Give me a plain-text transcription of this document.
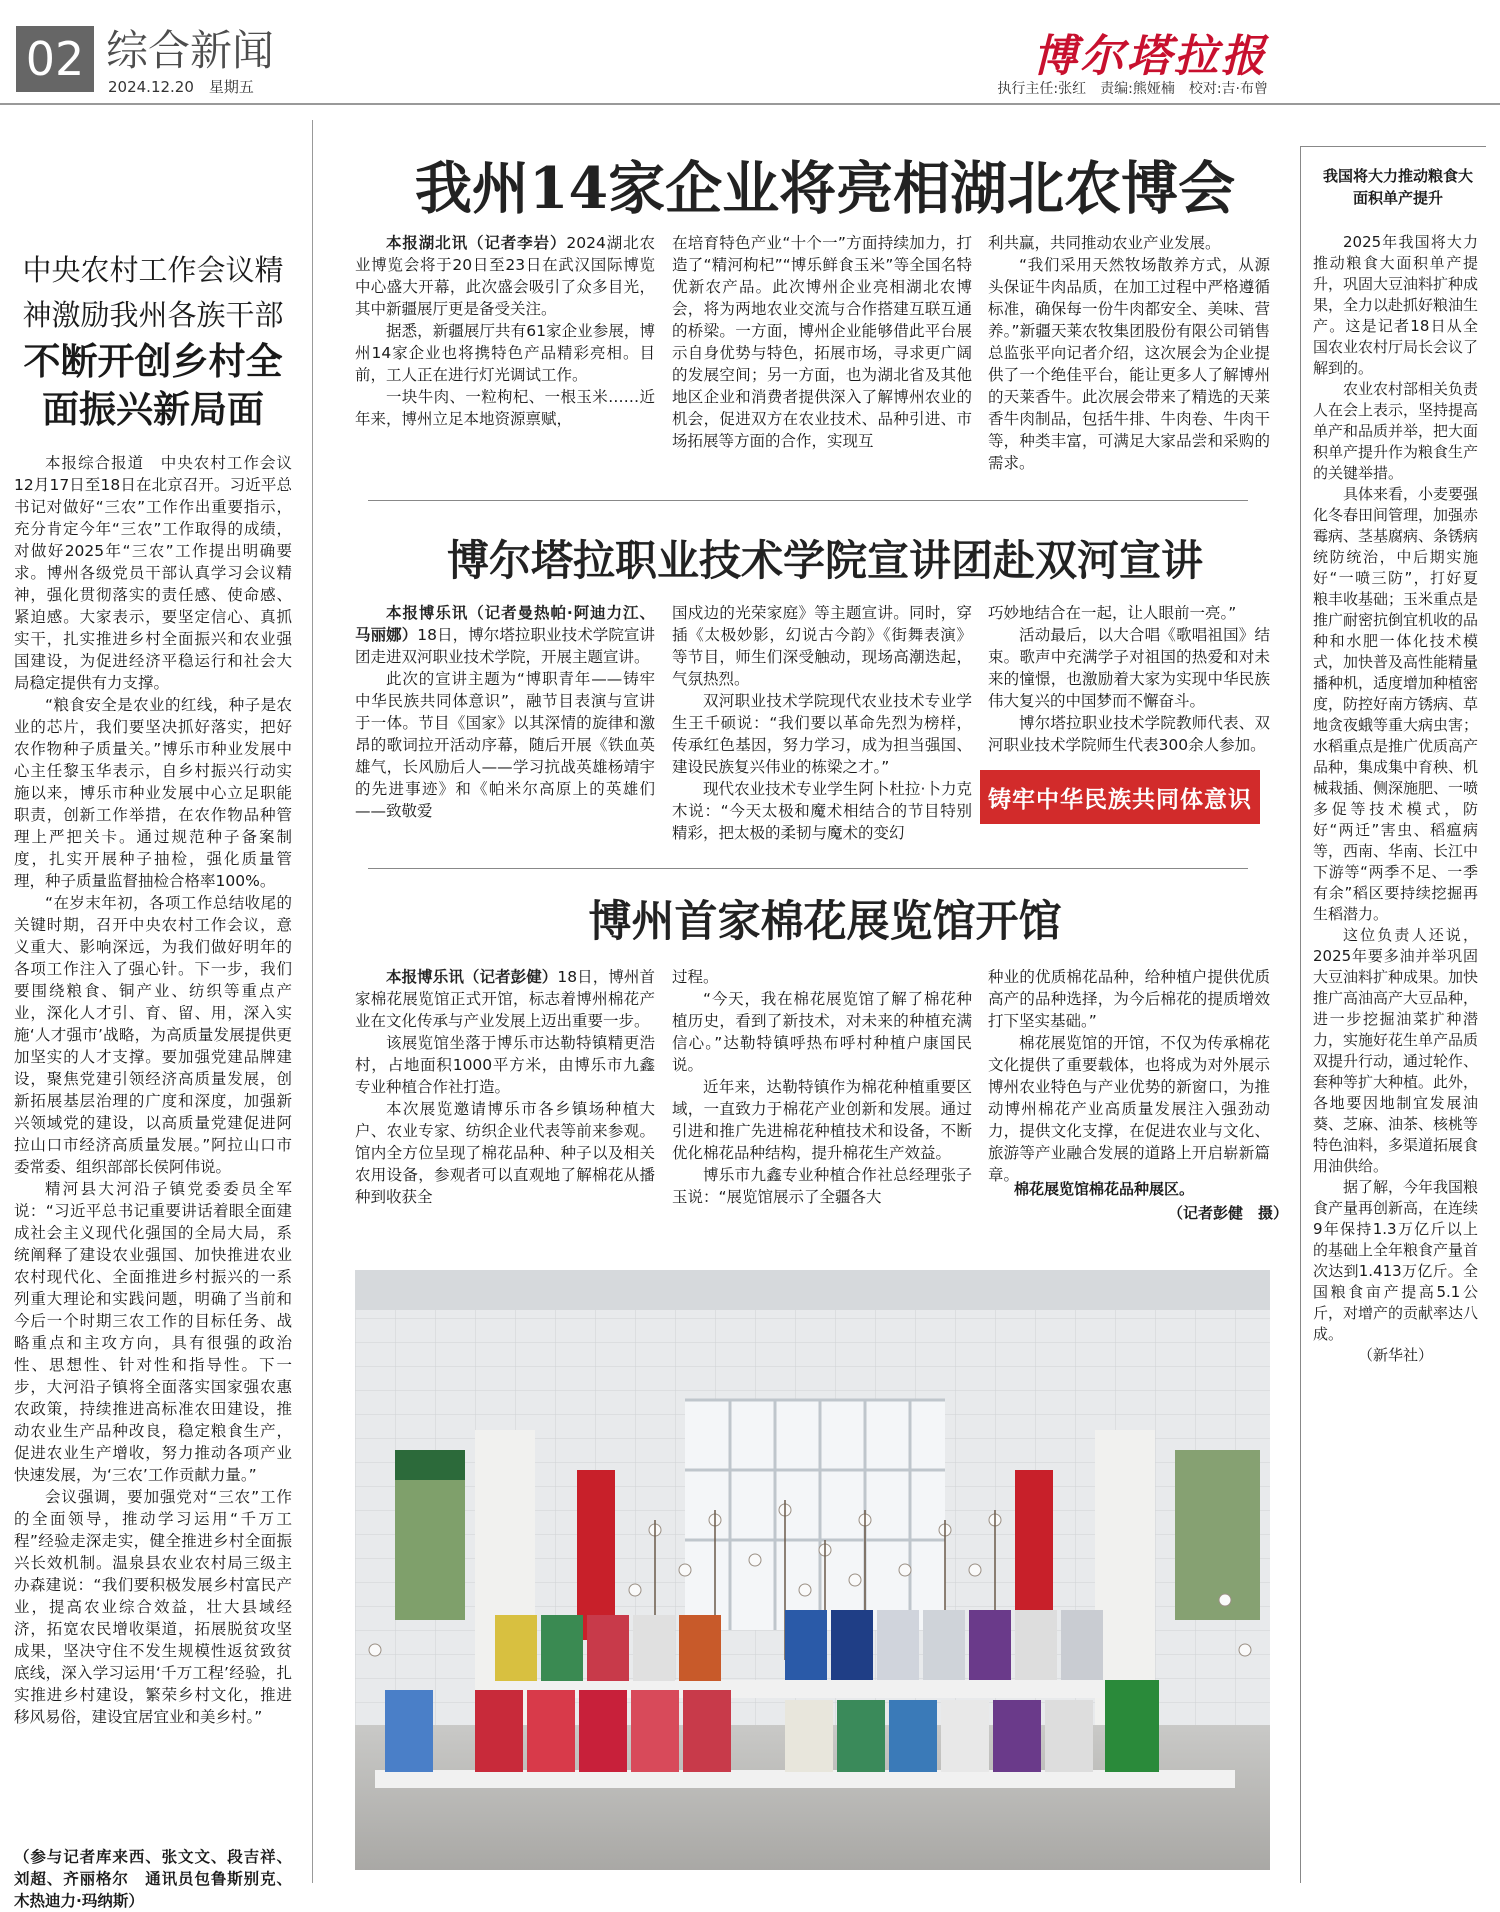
02 综合新闻
2024.12.20　星期五
博尔塔拉报
执行主任:张红　责编:熊娅楠　校对:吉·布曾
中央农村工作会议精神激励我州各族干部
不断开创乡村全面振兴新局面

本报综合报道　中央农村工作会议12月17日至18日在北京召开。习近平总书记对做好“三农”工作作出重要指示，充分肯定今年“三农”工作取得的成绩，对做好2025年“三农”工作提出明确要求。博州各级党员干部认真学习会议精神，强化贯彻落实的责任感、使命感、紧迫感。大家表示，要坚定信心、真抓实干，扎实推进乡村全面振兴和农业强国建设，为促进经济平稳运行和社会大局稳定提供有力支撑。

“粮食安全是农业的红线，种子是农业的芯片，我们要坚决抓好落实，把好农作物种子质量关。”博乐市种业发展中心主任黎玉华表示，自乡村振兴行动实施以来，博乐市种业发展中心立足职能职责，创新工作举措，在农作物品种管理上严把关卡。通过规范种子备案制度，扎实开展种子抽检，强化质量管理，种子质量监督抽检合格率100%。

“在岁末年初，各项工作总结收尾的关键时期，召开中央农村工作会议，意义重大、影响深远，为我们做好明年的各项工作注入了强心针。下一步，我们要围绕粮食、铜产业、纺织等重点产业，深化人才引、育、留、用，深入实施‘人才强市’战略，为高质量发展提供更加坚实的人才支撑。要加强党建品牌建设，聚焦党建引领经济高质量发展，创新拓展基层治理的广度和深度，加强新兴领域党的建设，以高质量党建促进阿拉山口市经济高质量发展。”阿拉山口市委常委、组织部部长侯阿伟说。

精河县大河沿子镇党委委员全军说：“习近平总书记重要讲话着眼全面建成社会主义现代化强国的全局大局，系统阐释了建设农业强国、加快推进农业农村现代化、全面推进乡村振兴的一系列重大理论和实践问题，明确了当前和今后一个时期三农工作的目标任务、战略重点和主攻方向，具有很强的政治性、思想性、针对性和指导性。下一步，大河沿子镇将全面落实国家强农惠农政策，持续推进高标准农田建设，推动农业生产品种改良，稳定粮食生产，促进农业生产增收，努力推动各项产业快速发展，为‘三农’工作贡献力量。”

会议强调，要加强党对“三农”工作的全面领导，推动学习运用“千万工程”经验走深走实，健全推进乡村全面振兴长效机制。温泉县农业农村局三级主办森建说：“我们要积极发展乡村富民产业，提高农业综合效益，壮大县域经济，拓宽农民增收渠道，拓展脱贫攻坚成果，坚决守住不发生规模性返贫致贫底线，深入学习运用‘千万工程’经验，扎实推进乡村建设，繁荣乡村文化，推进移风易俗，建设宜居宜业和美乡村。”

（参与记者库来西、张文文、段吉祥、刘超、齐丽格尔　通讯员包鲁斯别克、木热迪力·玛纳斯）
我州14家企业将亮相湖北农博会

本报湖北讯（记者李岩）2024湖北农业博览会将于20日至23日在武汉国际博览中心盛大开幕，此次盛会吸引了众多目光，其中新疆展厅更是备受关注。

据悉，新疆展厅共有61家企业参展，博州14家企业也将携特色产品精彩亮相。目前，工人正在进行灯光调试工作。

一块牛肉、一粒枸杞、一根玉米……近年来，博州立足本地资源禀赋，

在培育特色产业“十个一”方面持续加力，打造了“精河枸杞”“博乐鲜食玉米”等全国名特优新农产品。此次博州企业亮相湖北农博会，将为两地农业交流与合作搭建互联互通的桥梁。一方面，博州企业能够借此平台展示自身优势与特色，拓展市场，寻求更广阔的发展空间；另一方面，也为湖北省及其他地区企业和消费者提供深入了解博州农业的机会，促进双方在农业技术、品种引进、市场拓展等方面的合作，实现互

利共赢，共同推动农业产业发展。

“我们采用天然牧场散养方式，从源头保证牛肉品质，在加工过程中严格遵循标准，确保每一份牛肉都安全、美味、营养。”新疆天莱农牧集团股份有限公司销售总监张平向记者介绍，这次展会为企业提供了一个绝佳平台，能让更多人了解博州的天莱香牛。此次展会带来了精选的天莱香牛肉制品，包括牛排、牛肉卷、牛肉干等，种类丰富，可满足大家品尝和采购的需求。

博尔塔拉职业技术学院宣讲团赴双河宣讲

本报博乐讯（记者曼热帕·阿迪力江、马丽娜）18日，博尔塔拉职业技术学院宣讲团走进双河职业技术学院，开展主题宣讲。

此次的宣讲主题为“博职青年——铸牢中华民族共同体意识”，融节目表演与宣讲于一体。节目《国家》以其深情的旋律和激昂的歌词拉开活动序幕，随后开展《铁血英雄气，长风励后人——学习抗战英雄杨靖宇的先进事迹》和《帕米尔高原上的英雄们——致敬爱

国戍边的光荣家庭》等主题宣讲。同时，穿插《太极妙影，幻说古今韵》《街舞表演》等节目，师生们深受触动，现场高潮迭起，气氛热烈。

双河职业技术学院现代农业技术专业学生王千硕说：“我们要以革命先烈为榜样，传承红色基因，努力学习，成为担当强国、建设民族复兴伟业的栋梁之才。”

现代农业技术专业学生阿卜杜拉·卜力克木说：“今天太极和魔术相结合的节目特别精彩，把太极的柔韧与魔术的变幻

巧妙地结合在一起，让人眼前一亮。”

活动最后，以大合唱《歌唱祖国》结束。歌声中充满学子对祖国的热爱和对未来的憧憬，也激励着大家为实现中华民族伟大复兴的中国梦而不懈奋斗。

博尔塔拉职业技术学院教师代表、双河职业技术学院师生代表300余人参加。

铸牢中华民族共同体意识
博州首家棉花展览馆开馆

本报博乐讯（记者彭健）18日，博州首家棉花展览馆正式开馆，标志着博州棉花产业在文化传承与产业发展上迈出重要一步。

该展览馆坐落于博乐市达勒特镇精更浩村，占地面积1000平方米，由博乐市九鑫专业种植合作社打造。

本次展览邀请博乐市各乡镇场种植大户、农业专家、纺织企业代表等前来参观。馆内全方位呈现了棉花品种、种子以及相关农用设备，参观者可以直观地了解棉花从播种到收获全

过程。

“今天，我在棉花展览馆了解了棉花种植历史，看到了新技术，对未来的种植充满信心。”达勒特镇呼热布呼村种植户康国民说。

近年来，达勒特镇作为棉花种植重要区域，一直致力于棉花产业创新和发展。通过引进和推广先进棉花种植技术和设备，不断优化棉花品种结构，提升棉花生产效益。

博乐市九鑫专业种植合作社总经理张子玉说：“展览馆展示了全疆各大

种业的优质棉花品种，给种植户提供优质高产的品种选择，为今后棉花的提质增效打下坚实基础。”

棉花展览馆的开馆，不仅为传承棉花文化提供了重要载体，也将成为对外展示博州农业特色与产业优势的新窗口，为推动博州棉花产业高质量发展注入强劲动力，提供文化支撑，在促进农业与文化、旅游等产业融合发展的道路上开启崭新篇章。

棉花展览馆棉花品种展区。
（记者彭健　摄）
我国将大力推动粮食大面积单产提升

2025年我国将大力推动粮食大面积单产提升，巩固大豆油料扩种成果，全力以赴抓好粮油生产。这是记者18日从全国农业农村厅局长会议了解到的。

农业农村部相关负责人在会上表示，坚持提高单产和品质并举，把大面积单产提升作为粮食生产的关键举措。

具体来看，小麦要强化冬春田间管理，加强赤霉病、茎基腐病、条锈病统防统治，中后期实施好“一喷三防”，打好夏粮丰收基础；玉米重点是推广耐密抗倒宜机收的品种和水肥一体化技术模式，加快普及高性能精量播种机，适度增加种植密度，防控好南方锈病、草地贪夜蛾等重大病虫害；水稻重点是推广优质高产品种，集成集中育秧、机械栽插、侧深施肥、一喷多促等技术模式，防好“两迁”害虫、稻瘟病等，西南、华南、长江中下游等“两季不足、一季有余”稻区要持续挖掘再生稻潜力。

这位负责人还说，2025年要多油并举巩固大豆油料扩种成果。加快推广高油高产大豆品种，进一步挖掘油菜扩种潜力，实施好花生单产品质双提升行动，通过轮作、套种等扩大种植。此外，各地要因地制宜发展油葵、芝麻、油茶、核桃等特色油料，多渠道拓展食用油供给。

据了解，今年我国粮食产量再创新高，在连续9年保持1.3万亿斤以上的基础上全年粮食产量首次达到1.413万亿斤。全国粮食亩产提高5.1公斤，对增产的贡献率达八成。

（新华社）
